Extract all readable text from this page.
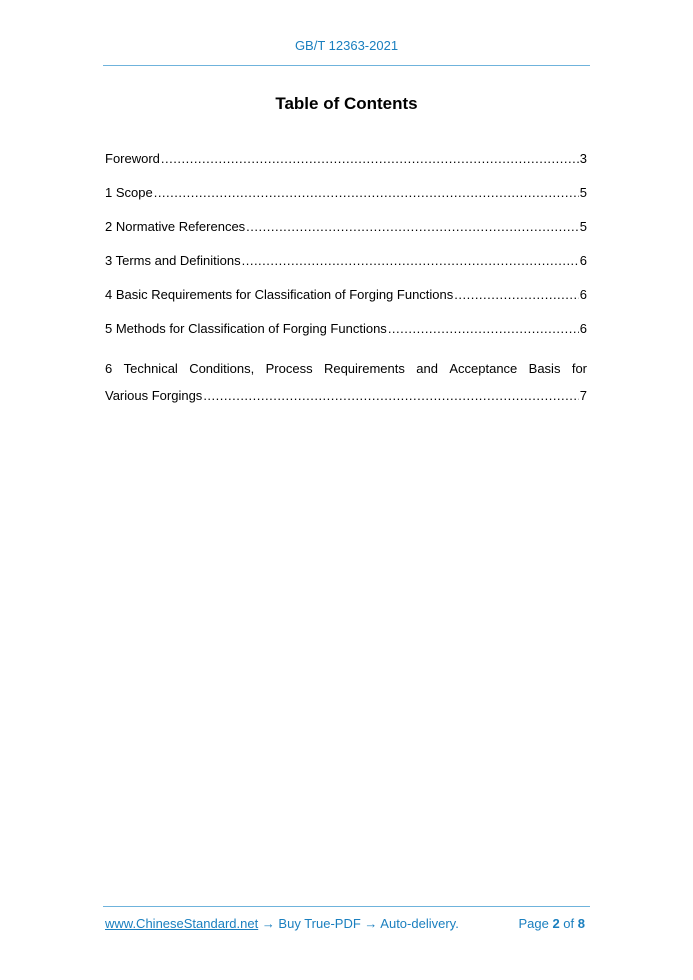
GB/T 12363-2021
Table of Contents
Foreword .....	3
1 Scope .....	5
2 Normative References .....	5
3 Terms and Definitions .....	6
4 Basic Requirements for Classification of Forging Functions .....	6
5 Methods for Classification of Forging Functions .....	6
6 Technical Conditions, Process Requirements and Acceptance Basis for
Various Forgings .....	7
www.ChineseStandard.net → Buy True-PDF → Auto-delivery.	Page 2 of 8
